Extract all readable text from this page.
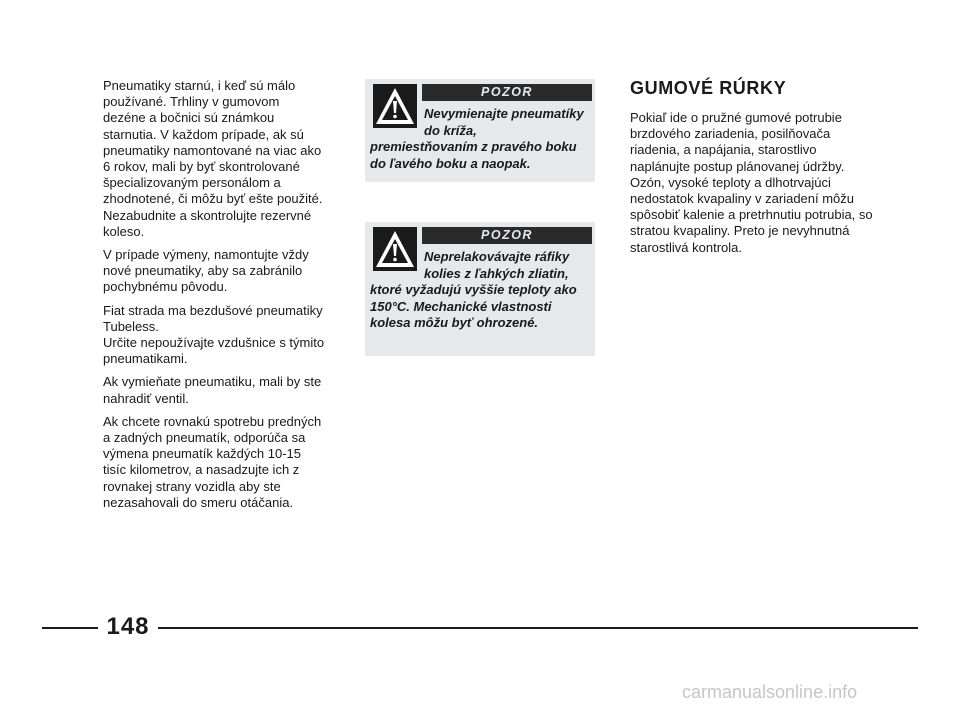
Pneumatiky starnú, i keď sú málo používané. Trhliny v gumovom dezéne a bočnici sú známkou starnutia. V každom prípade, ak sú pneumatiky namontované na viac ako 6 rokov, mali by byť skontrolované špecializovaným personálom a zhodnotené, či môžu byť ešte použité. Nezabudnite a skontrolujte rezervné koleso.

V prípade výmeny, namontujte vždy nové pneumatiky, aby sa zabránilo pochybnému pôvodu.

Fiat strada ma bezdušové pneumatiky Tubeless.
Určite nepoužívajte vzdušnice s týmito pneumatikami.

Ak vymieňate pneumatiku, mali by ste nahradiť ventil.

Ak chcete rovnakú spotrebu predných a zadných pneumatík, odporúča sa výmena pneumatík každých 10-15 tisíc kilometrov, a nasadzujte ich z rovnakej strany vozidla aby ste nezasahovali do smeru otáčania.

POZOR
Nevymienajte pneumatíky do kríža,
premiestňovaním z pravého boku do ľavého boku a naopak.
POZOR
Neprelakovávajte ráfiky kolies z ľahkých zliatin,
ktoré vyžadujú vyššie teploty ako 150°C. Mechanické vlastnosti kolesa môžu byť ohrozené.
GUMOVÉ RÚRKY

Pokiaľ ide o pružné gumové potrubie brzdového zariadenia, posilňovača riadenia, a napájania, starostlivo naplánujte postup plánovanej údržby. Ozón, vysoké teploty a dlhotrvajúci nedostatok kvapaliny v zariadení môžu spôsobiť kalenie a pretrhnutiu potrubia, so stratou kvapaliny. Preto je nevyhnutná starostlivá kontrola.

148
carmanualsonline.info
